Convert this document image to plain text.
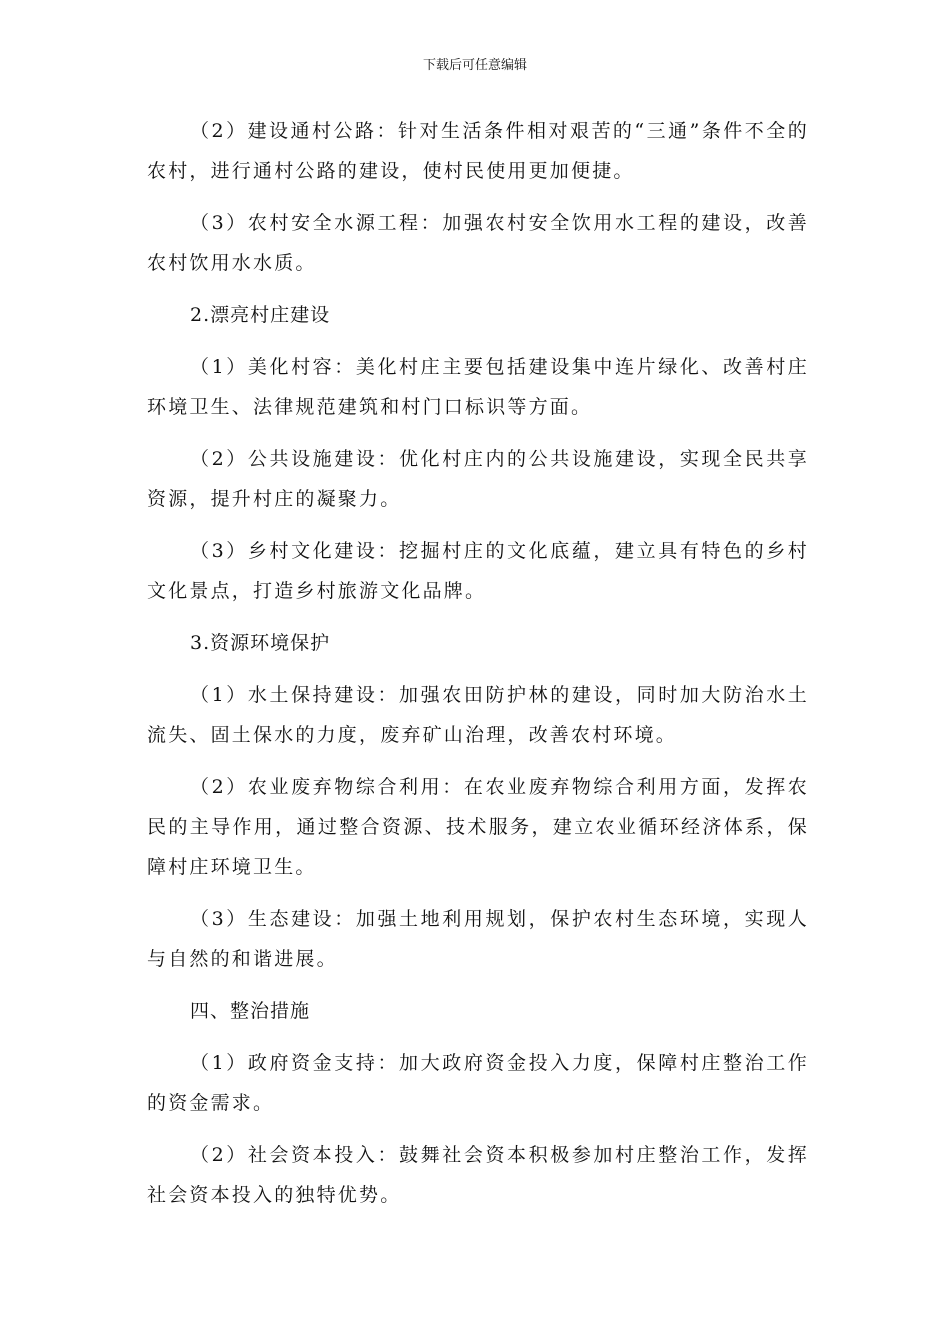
下载后可任意编辑

（2）建设通村公路：针对生活条件相对艰苦的“三通”条件不全的农村，进行通村公路的建设，使村民使用更加便捷。

（3）农村安全水源工程：加强农村安全饮用水工程的建设，改善农村饮用水水质。

2.漂亮村庄建设

（1）美化村容：美化村庄主要包括建设集中连片绿化、改善村庄环境卫生、法律规范建筑和村门口标识等方面。

（2）公共设施建设：优化村庄内的公共设施建设，实现全民共享资源，提升村庄的凝聚力。

（3）乡村文化建设：挖掘村庄的文化底蕴，建立具有特色的乡村文化景点，打造乡村旅游文化品牌。

3.资源环境保护

（1）水土保持建设：加强农田防护林的建设，同时加大防治水土流失、固土保水的力度，废弃矿山治理，改善农村环境。

（2）农业废弃物综合利用：在农业废弃物综合利用方面，发挥农民的主导作用，通过整合资源、技术服务，建立农业循环经济体系，保障村庄环境卫生。

（3）生态建设：加强土地利用规划，保护农村生态环境，实现人与自然的和谐进展。

四、整治措施

（1）政府资金支持：加大政府资金投入力度，保障村庄整治工作的资金需求。

（2）社会资本投入：鼓舞社会资本积极参加村庄整治工作，发挥社会资本投入的独特优势。
